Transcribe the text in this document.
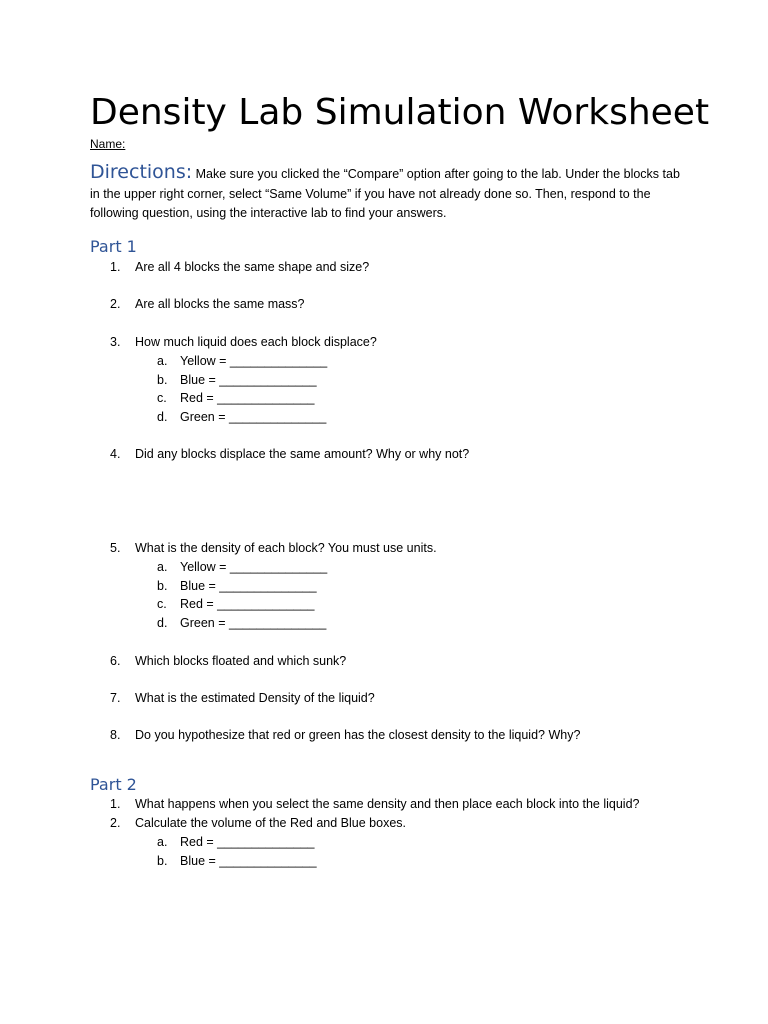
Density Lab Simulation Worksheet
Name:
Directions: Make sure you clicked the “Compare” option after going to the lab. Under the blocks tab in the upper right corner, select “Same Volume” if you have not already done so. Then, respond to the following question, using the interactive lab to find your answers.
Part 1
1. Are all 4 blocks the same shape and size?
2. Are all blocks the same mass?
3. How much liquid does each block displace?
a. Yellow = ______________
b. Blue = ______________
c. Red = ______________
d. Green = ______________
4. Did any blocks displace the same amount? Why or why not?
5. What is the density of each block? You must use units.
a. Yellow = ______________
b. Blue = ______________
c. Red = ______________
d. Green = ______________
6. Which blocks floated and which sunk?
7. What is the estimated Density of the liquid?
8. Do you hypothesize that red or green has the closest density to the liquid? Why?
Part 2
1. What happens when you select the same density and then place each block into the liquid?
2. Calculate the volume of the Red and Blue boxes.
a. Red = ______________
b. Blue = ______________
